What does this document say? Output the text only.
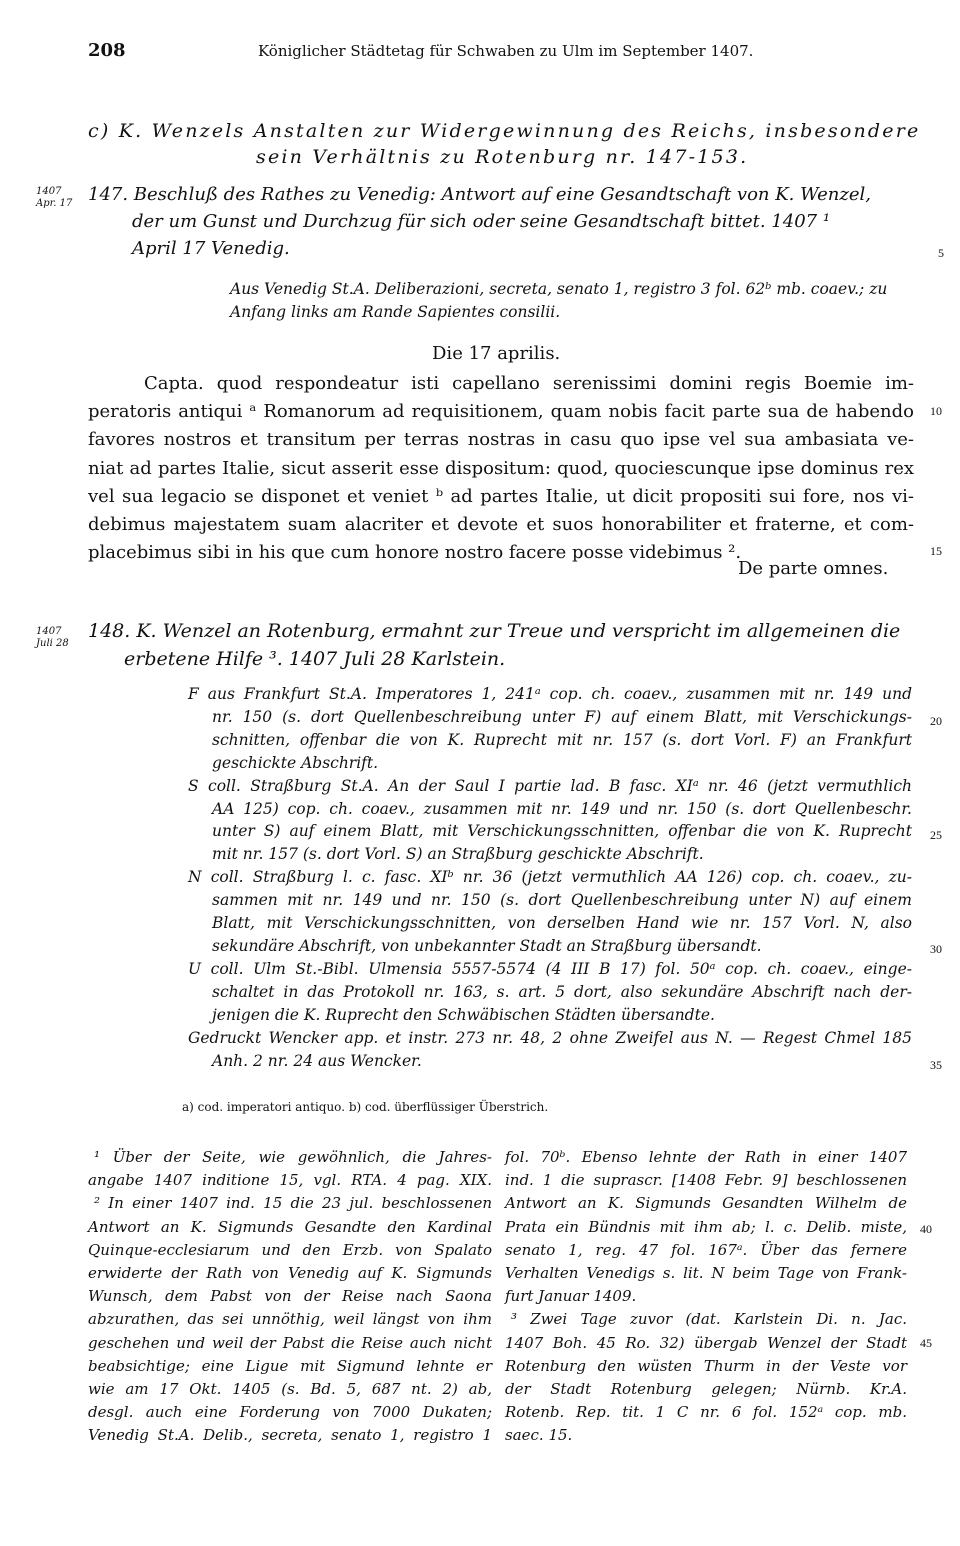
208	Königlicher Städtetag für Schwaben zu Ulm im September 1407.
c) K. Wenzels Anstalten zur Widergewinnung des Reichs, insbesondere
sein Verhältnis zu Rotenburg nr. 147-153.
1407
Apr. 17 147. Beschluß des Rathes zu Venedig: Antwort auf eine Gesandtschaft von K. Wenzel,
der um Gunst und Durchzug für sich oder seine Gesandtschaft bittet. 1407 ¹
April 17 Venedig.	5
Aus Venedig St.A. Deliberazioni, secreta, senato 1, registro 3 fol. 62ᵇ mb. coaev.; zu
Anfang links am Rande Sapientes consilii.
Die 17 aprilis.
Capta. quod respondeatur isti capellano serenissimi domini regis Boemie im-
peratoris antiqui ᵃ Romanorum ad requisitionem, quam nobis facit parte sua de habendo
favores nostros et transitum per terras nostras in casu quo ipse vel sua ambasiata ve-
niat ad partes Italie, sicut asserit esse dispositum: quod, quociescunque ipse dominus rex
vel sua legacio se disponet et veniet ᵇ ad partes Italie, ut dicit propositi sui fore, nos vi-
debimus majestatem suam alacriter et devote et suos honorabiliter et fraterne, et com-
placebimus sibi in his que cum honore nostro facere posse videbimus ².
10
15
De parte omnes.
1407
Juli 28
148. K. Wenzel an Rotenburg, ermahnt zur Treue und verspricht im allgemeinen die
erbetene Hilfe ³. 1407 Juli 28 Karlstein.
F aus Frankfurt St.A. Imperatores 1, 241ᵃ cop. ch. coaev., zusammen mit nr. 149 und
nr. 150 (s. dort Quellenbeschreibung unter F) auf einem Blatt, mit Verschickungs-
schnitten, offenbar die von K. Ruprecht mit nr. 157 (s. dort Vorl. F) an Frankfurt
geschickte Abschrift.
S coll. Straßburg St.A. An der Saul I partie lad. B fasc. XIᵃ nr. 46 (jetzt vermuthlich
AA 125) cop. ch. coaev., zusammen mit nr. 149 und nr. 150 (s. dort Quellenbeschr.
unter S) auf einem Blatt, mit Verschickungsschnitten, offenbar die von K. Ruprecht
mit nr. 157 (s. dort Vorl. S) an Straßburg geschickte Abschrift.
N coll. Straßburg l. c. fasc. XIᵇ nr. 36 (jetzt vermuthlich AA 126) cop. ch. coaev., zu-
sammen mit nr. 149 und nr. 150 (s. dort Quellenbeschreibung unter N) auf einem
Blatt, mit Verschickungsschnitten, von derselben Hand wie nr. 157 Vorl. N, also
sekundäre Abschrift, von unbekannter Stadt an Straßburg übersandt.
U coll. Ulm St.-Bibl. Ulmensia 5557-5574 (4 III B 17) fol. 50ᵃ cop. ch. coaev., einge-
schaltet in das Protokoll nr. 163, s. art. 5 dort, also sekundäre Abschrift nach der-
jenigen die K. Ruprecht den Schwäbischen Städten übersandte.
Gedruckt Wencker app. et instr. 273 nr. 48, 2 ohne Zweifel aus N. — Regest Chmel 185
Anh. 2 nr. 24 aus Wencker.
20
25
30
35
a) cod. imperatori antiquo. b) cod. überflüssiger Überstrich.
¹ Über der Seite, wie gewöhnlich, die Jahres-
angabe 1407 inditione 15, vgl. RTA. 4 pag. XIX.
² In einer 1407 ind. 15 die 23 jul. beschlossenen
Antwort an K. Sigmunds Gesandte den Kardinal
Quinque-ecclesiarum und den Erzb. von Spalato
erwiderte der Rath von Venedig auf K. Sigmunds
Wunsch, dem Pabst von der Reise nach Saona
abzurathen, das sei unnöthig, weil längst von ihm
geschehen und weil der Pabst die Reise auch nicht
beabsichtige; eine Ligue mit Sigmund lehnte er
wie am 17 Okt. 1405 (s. Bd. 5, 687 nt. 2) ab,
desgl. auch eine Forderung von 7000 Dukaten;
Venedig St.A. Delib., secreta, senato 1, registro 1
fol. 70ᵇ. Ebenso lehnte der Rath in einer 1407
ind. 1 die suprascr. [1408 Febr. 9] beschlossenen
Antwort an K. Sigmunds Gesandten Wilhelm de
Prata ein Bündnis mit ihm ab; l. c. Delib. miste,
senato 1, reg. 47 fol. 167ᵃ. Über das fernere
Verhalten Venedigs s. lit. N beim Tage von Frank-
furt Januar 1409.
³ Zwei Tage zuvor (dat. Karlstein Di. n. Jac.
1407 Boh. 45 Ro. 32) übergab Wenzel der Stadt
Rotenburg den wüsten Thurm in der Veste vor
der Stadt Rotenburg gelegen; Nürnb. Kr.A.
Rotenb. Rep. tit. 1 C nr. 6 fol. 152ᵃ cop. mb.
saec. 15.
40
45
